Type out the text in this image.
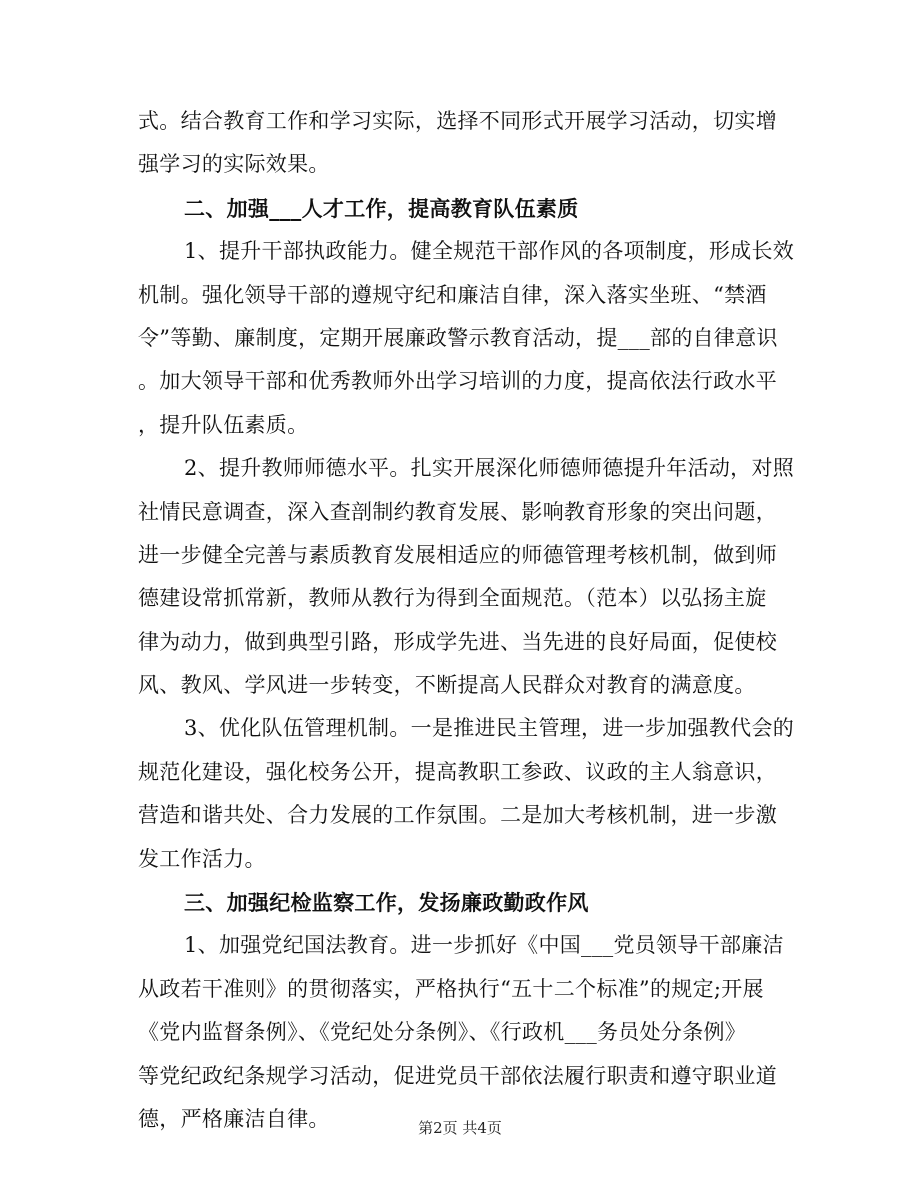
式。结合教育工作和学习实际，选择不同形式开展学习活动，切实增
强学习的实际效果。
二、加强___人才工作，提高教育队伍素质
1、提升干部执政能力。健全规范干部作风的各项制度，形成长效
机制。强化领导干部的遵规守纪和廉洁自律，深入落实坐班、“禁酒
令”等勤、廉制度，定期开展廉政警示教育活动，提___部的自律意识
。加大领导干部和优秀教师外出学习培训的力度，提高依法行政水平
，提升队伍素质。
2、提升教师师德水平。扎实开展深化师德师德提升年活动，对照
社情民意调查，深入查剖制约教育发展、影响教育形象的突出问题，
进一步健全完善与素质教育发展相适应的师德管理考核机制，做到师
德建设常抓常新，教师从教行为得到全面规范。（范本）以弘扬主旋
律为动力，做到典型引路，形成学先进、当先进的良好局面，促使校
风、教风、学风进一步转变，不断提高人民群众对教育的满意度。
3、优化队伍管理机制。一是推进民主管理，进一步加强教代会的
规范化建设，强化校务公开，提高教职工参政、议政的主人翁意识，
营造和谐共处、合力发展的工作氛围。二是加大考核机制，进一步激
发工作活力。
三、加强纪检监察工作，发扬廉政勤政作风
1、加强党纪国法教育。进一步抓好《中国___党员领导干部廉洁
从政若干准则》的贯彻落实，严格执行“五十二个标准”的规定;开展
《党内监督条例》、《党纪处分条例》、《行政机___务员处分条例》
等党纪政纪条规学习活动，促进党员干部依法履行职责和遵守职业道
德，严格廉洁自律。	第2页 共4页
